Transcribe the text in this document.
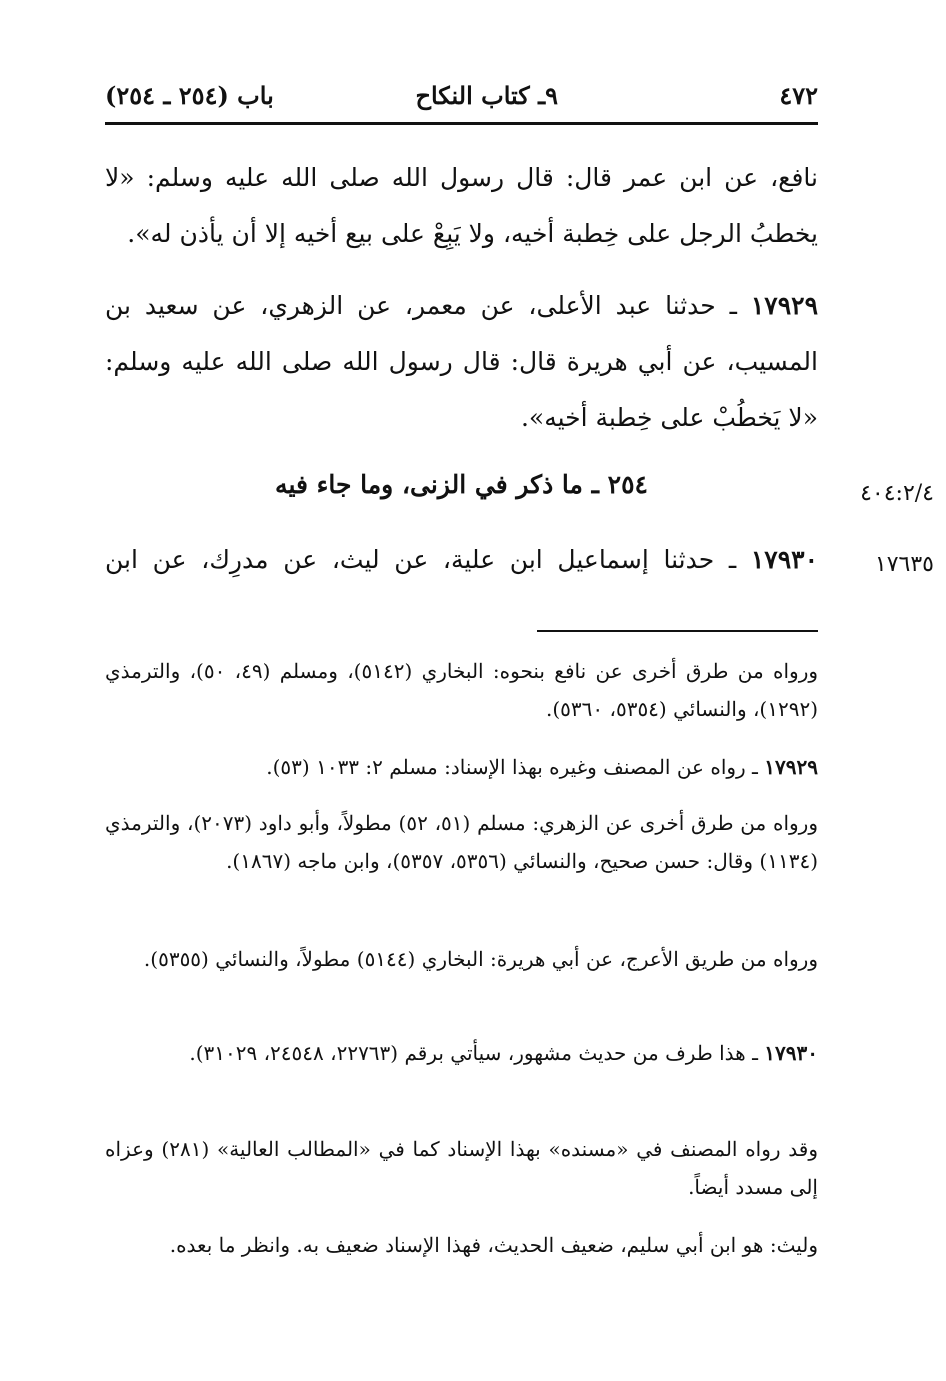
٤٧٢
٩ـ كتاب النكاح
باب (٢٥٤ ـ ٢٥٤)

نافع، عن ابن عمر قال: قال رسول الله صلى الله عليه وسلم: «لا يخطبُ الرجل على خِطبة أخيه، ولا يَبِعْ على بيع أخيه إلا أن يأذن له».

١٧٩٢٩ ـ حدثنا عبد الأعلى، عن معمر، عن الزهري، عن سعيد بن المسيب، عن أبي هريرة قال: قال رسول الله صلى الله عليه وسلم: «لا يَخطُبْ على خِطبة أخيه».

٢٥٤ ـ ما ذكر في الزنى، وما جاء فيه	٤٠٤:٢/٤

١٧٩٣٠ ـ حدثنا إسماعيل ابن علية، عن ليث، عن مدرِك، عن ابن	١٧٦٣٥

ورواه من طرق أخرى عن نافع بنحوه: البخاري (٥١٤٢)، ومسلم (٤٩، ٥٠)، والترمذي (١٢٩٢)، والنسائي (٥٣٥٤، ٥٣٦٠).

١٧٩٢٩ ـ رواه عن المصنف وغيره بهذا الإسناد: مسلم ٢: ١٠٣٣ (٥٣).

ورواه من طرق أخرى عن الزهري: مسلم (٥١، ٥٢) مطولاً، وأبو داود (٢٠٧٣)، والترمذي (١١٣٤) وقال: حسن صحيح، والنسائي (٥٣٥٦، ٥٣٥٧)، وابن ماجه (١٨٦٧).

ورواه من طريق الأعرج، عن أبي هريرة: البخاري (٥١٤٤) مطولاً، والنسائي (٥٣٥٥).

١٧٩٣٠ ـ هذا طرف من حديث مشهور، سيأتي برقم (٢٢٧٦٣، ٢٤٥٤٨، ٣١٠٢٩).

وقد رواه المصنف في «مسنده» بهذا الإسناد كما في «المطالب العالية» (٢٨١) وعزاه إلى مسدد أيضاً.

وليث: هو ابن أبي سليم، ضعيف الحديث، فهذا الإسناد ضعيف به. وانظر ما بعده.
